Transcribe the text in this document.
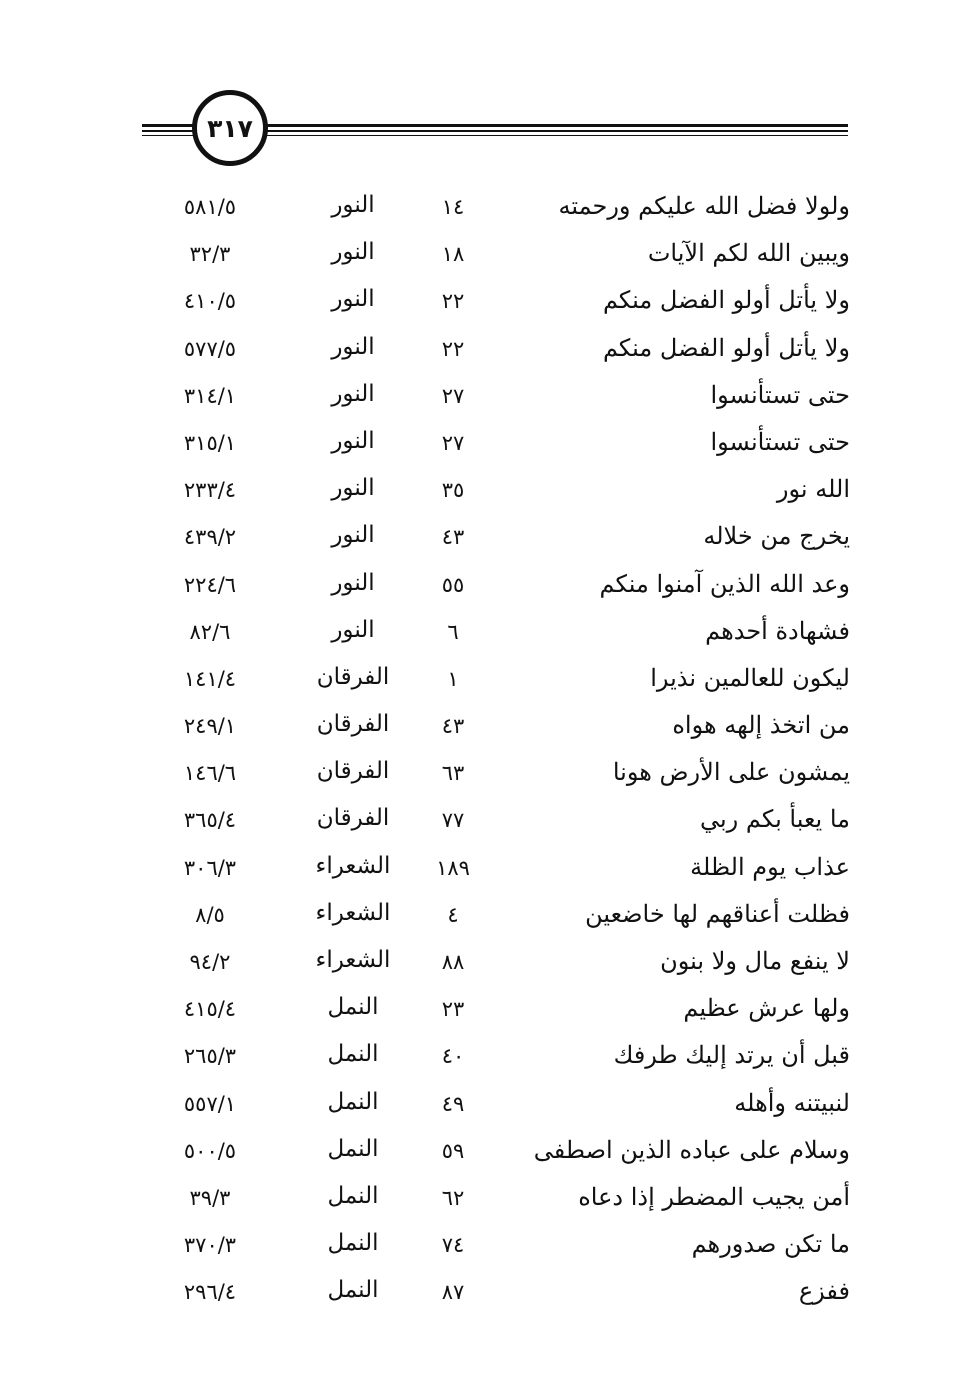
٣١٧
ولولا فضل الله عليكم ورحمته
١٤
النور
٥٨١/٥
ويبين الله لكم الآيات
١٨
النور
٣٢/٣
ولا يأتل أولو الفضل منكم
٢٢
النور
٤١٠/٥
ولا يأتل أولو الفضل منكم
٢٢
النور
٥٧٧/٥
حتى تستأنسوا
٢٧
النور
٣١٤/١
حتى تستأنسوا
٢٧
النور
٣١٥/١
الله نور
٣٥
النور
٢٣٣/٤
يخرج من خلاله
٤٣
النور
٤٣٩/٢
وعد الله الذين آمنوا منكم
٥٥
النور
٢٢٤/٦
فشهادة أحدهم
٦
النور
٨٢/٦
ليكون للعالمين نذيرا
١
الفرقان
١٤١/٤
من اتخذ إلهه هواه
٤٣
الفرقان
٢٤٩/١
يمشون على الأرض هونا
٦٣
الفرقان
١٤٦/٦
ما يعبأ بكم ربي
٧٧
الفرقان
٣٦٥/٤
عذاب يوم الظلة
١٨٩
الشعراء
٣٠٦/٣
فظلت أعناقهم لها خاضعين
٤
الشعراء
٨/٥
لا ينفع مال ولا بنون
٨٨
الشعراء
٩٤/٢
ولها عرش عظيم
٢٣
النمل
٤١٥/٤
قبل أن يرتد إليك طرفك
٤٠
النمل
٢٦٥/٣
لنبيتنه وأهله
٤٩
النمل
٥٥٧/١
وسلام على عباده الذين اصطفى
٥٩
النمل
٥٠٠/٥
أمن يجيب المضطر إذا دعاه
٦٢
النمل
٣٩/٣
ما تكن صدورهم
٧٤
النمل
٣٧٠/٣
ففزع
٨٧
النمل
٢٩٦/٤
